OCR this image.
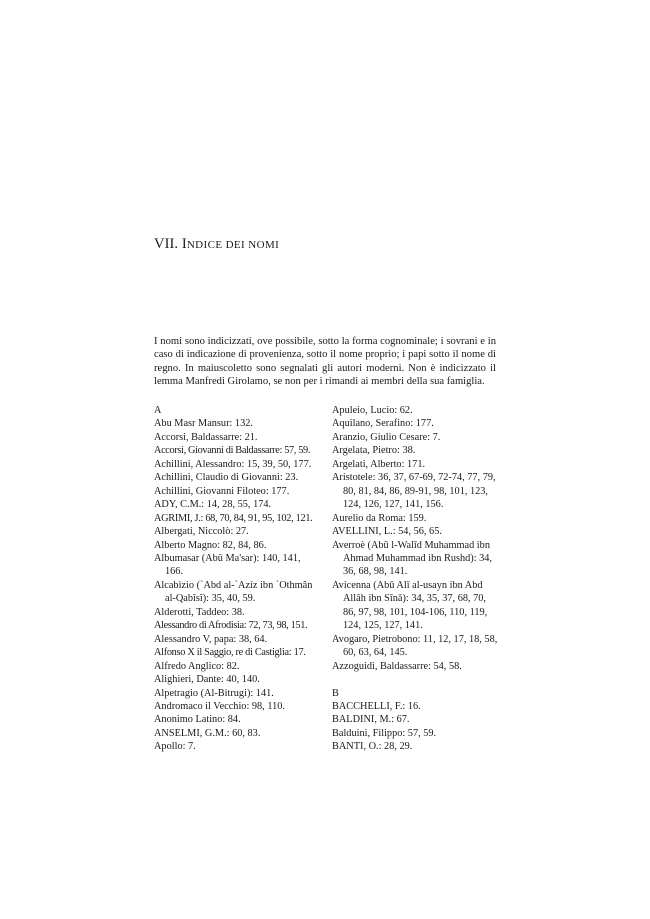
VII. INDICE DEI NOMI

I nomi sono indicizzati, ove possibile, sotto la forma cognominale; i sovrani e in caso di indicazione di provenienza, sotto il nome proprio; i papi sotto il nome di regno. In maiuscoletto sono segnalati gli autori moderni. Non è indicizzato il lemma Manfredi Girolamo, se non per i rimandi ai membri della sua famiglia.

A
Abu Masr Mansur: 132.
Accorsi, Baldassarre: 21.
Accorsi, Giovanni di Baldassarre: 57, 59.
Achillini, Alessandro: 15, 39, 50, 177.
Achillini, Claudio di Giovanni: 23.
Achillini, Giovanni Filoteo: 177.
ADY, C.M.: 14, 28, 55, 174.
AGRIMI, J.: 68, 70, 84, 91, 95, 102, 121.
Albergati, Niccolò: 27.
Alberto Magno: 82, 84, 86.
Albumasar (Abû Ma'sar): 140, 141, 166.
Alcabizio (`Abd al-`Azíz ibn `Othmân al-Qabîsî): 35, 40, 59.
Alderotti, Taddeo: 38.
Alessandro di Afrodisia: 72, 73, 98, 151.
Alessandro V, papa: 38, 64.
Alfonso X il Saggio, re di Castiglia: 17.
Alfredo Anglico: 82.
Alighieri, Dante: 40, 140.
Alpetragio (Al-Bitrugi): 141.
Andromaco il Vecchio: 98, 110.
Anonimo Latino: 84.
ANSELMI, G.M.: 60, 83.
Apollo: 7.
Apuleio, Lucio: 62.
Aquilano, Serafino: 177.
Aranzio, Giulio Cesare: 7.
Argelata, Pietro: 38.
Argelati, Alberto: 171.
Aristotele: 36, 37, 67-69, 72-74, 77, 79, 80, 81, 84, 86, 89-91, 98, 101, 123, 124, 126, 127, 141, 156.
Aurelio da Roma: 159.
AVELLINI, L.: 54, 56, 65.
Averroè (Abū l-Walīd Muhammad ibn Ahmad Muhammad ibn Rushd): 34, 36, 68, 98, 141.
Avicenna (Abū Alī al-usayn ibn Abd Allāh ibn Sīnā): 34, 35, 37, 68, 70, 86, 97, 98, 101, 104-106, 110, 119, 124, 125, 127, 141.
Avogaro, Pietrobono: 11, 12, 17, 18, 58, 60, 63, 64, 145.
Azzoguidi, Baldassarre: 54, 58.
B
BACCHELLI, F.: 16.
BALDINI, M.: 67.
Balduini, Filippo: 57, 59.
BANTI, O.: 28, 29.
